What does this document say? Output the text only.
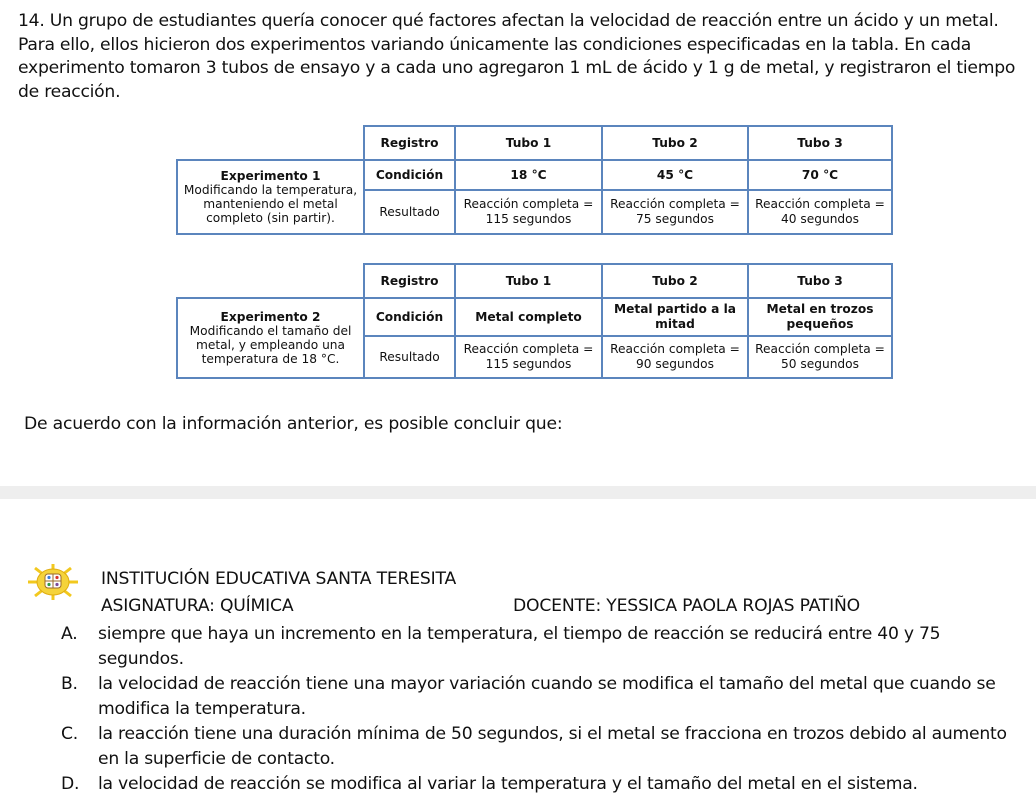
14. Un grupo de estudiantes quería conocer qué factores afectan la velocidad de reacción entre un ácido y un metal. Para ello, ellos hicieron dos experimentos variando únicamente las condiciones especificadas en la tabla. En cada experimento tomaron 3 tubos de ensayo y a cada uno agregaron 1 mL de ácido y 1 g de metal, y registraron el tiempo de reacción.
	Registro	Tubo 1	Tubo 2	Tubo 3
Experimento 1
Modificando la temperatura, manteniendo el metal completo (sin partir).	Condición	18 °C	45 °C	70 °C
	Resultado	Reacción completa = 115 segundos	Reacción completa = 75 segundos	Reacción completa = 40 segundos
	Registro	Tubo 1	Tubo 2	Tubo 3
Experimento 2
Modificando el tamaño del metal, y empleando una temperatura de 18 °C.	Condición	Metal completo	Metal partido a la mitad	Metal en trozos pequeños
	Resultado	Reacción completa = 115 segundos	Reacción completa = 90 segundos	Reacción completa = 50 segundos
De acuerdo con la información anterior, es posible concluir que:
INSTITUCIÓN EDUCATIVA SANTA TERESITA
ASIGNATURA: QUÍMICA	DOCENTE: YESSICA PAOLA ROJAS PATIÑO
A. siempre que haya un incremento en la temperatura, el tiempo de reacción se reducirá entre 40 y 75 segundos.
B. la velocidad de reacción tiene una mayor variación cuando se modifica el tamaño del metal que cuando se modifica la temperatura.
C. la reacción tiene una duración mínima de 50 segundos, si el metal se fracciona en trozos debido al aumento en la superficie de contacto.
D. la velocidad de reacción se modifica al variar la temperatura y el tamaño del metal en el sistema.
